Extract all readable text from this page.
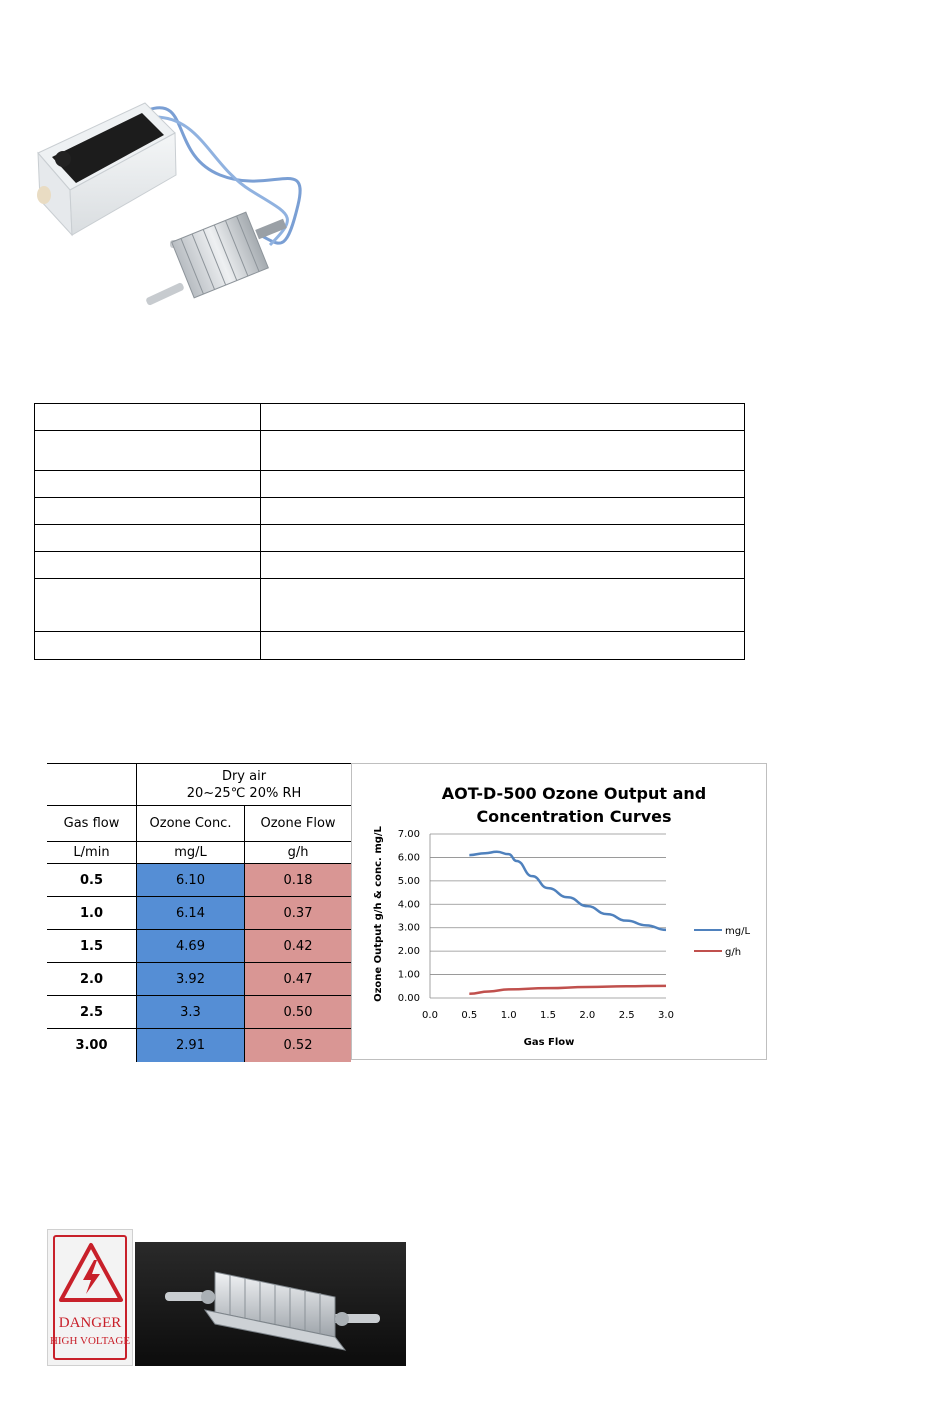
	Dry air
20~25℃ 20% RH	

Gas flow	Ozone Conc.	Ozone Flow
L/min	mg/L	g/h
0.5	6.10	0.18
1.0	6.14	0.37
1.5	4.69	0.42
2.0	3.92	0.47
2.5	3.3	0.50
3.00	2.91	0.52
AOT-D-500 Ozone Output and
Concentration Curves
Ozone Output g/h & conc. mg/L
Gas Flow
0.00
1.00
2.00
3.00
4.00
5.00
6.00
7.00
0.0 0.5 1.0 1.5 2.0 2.5 3.0
mg/L
g/h
DANGER
HIGH VOLTAGE
